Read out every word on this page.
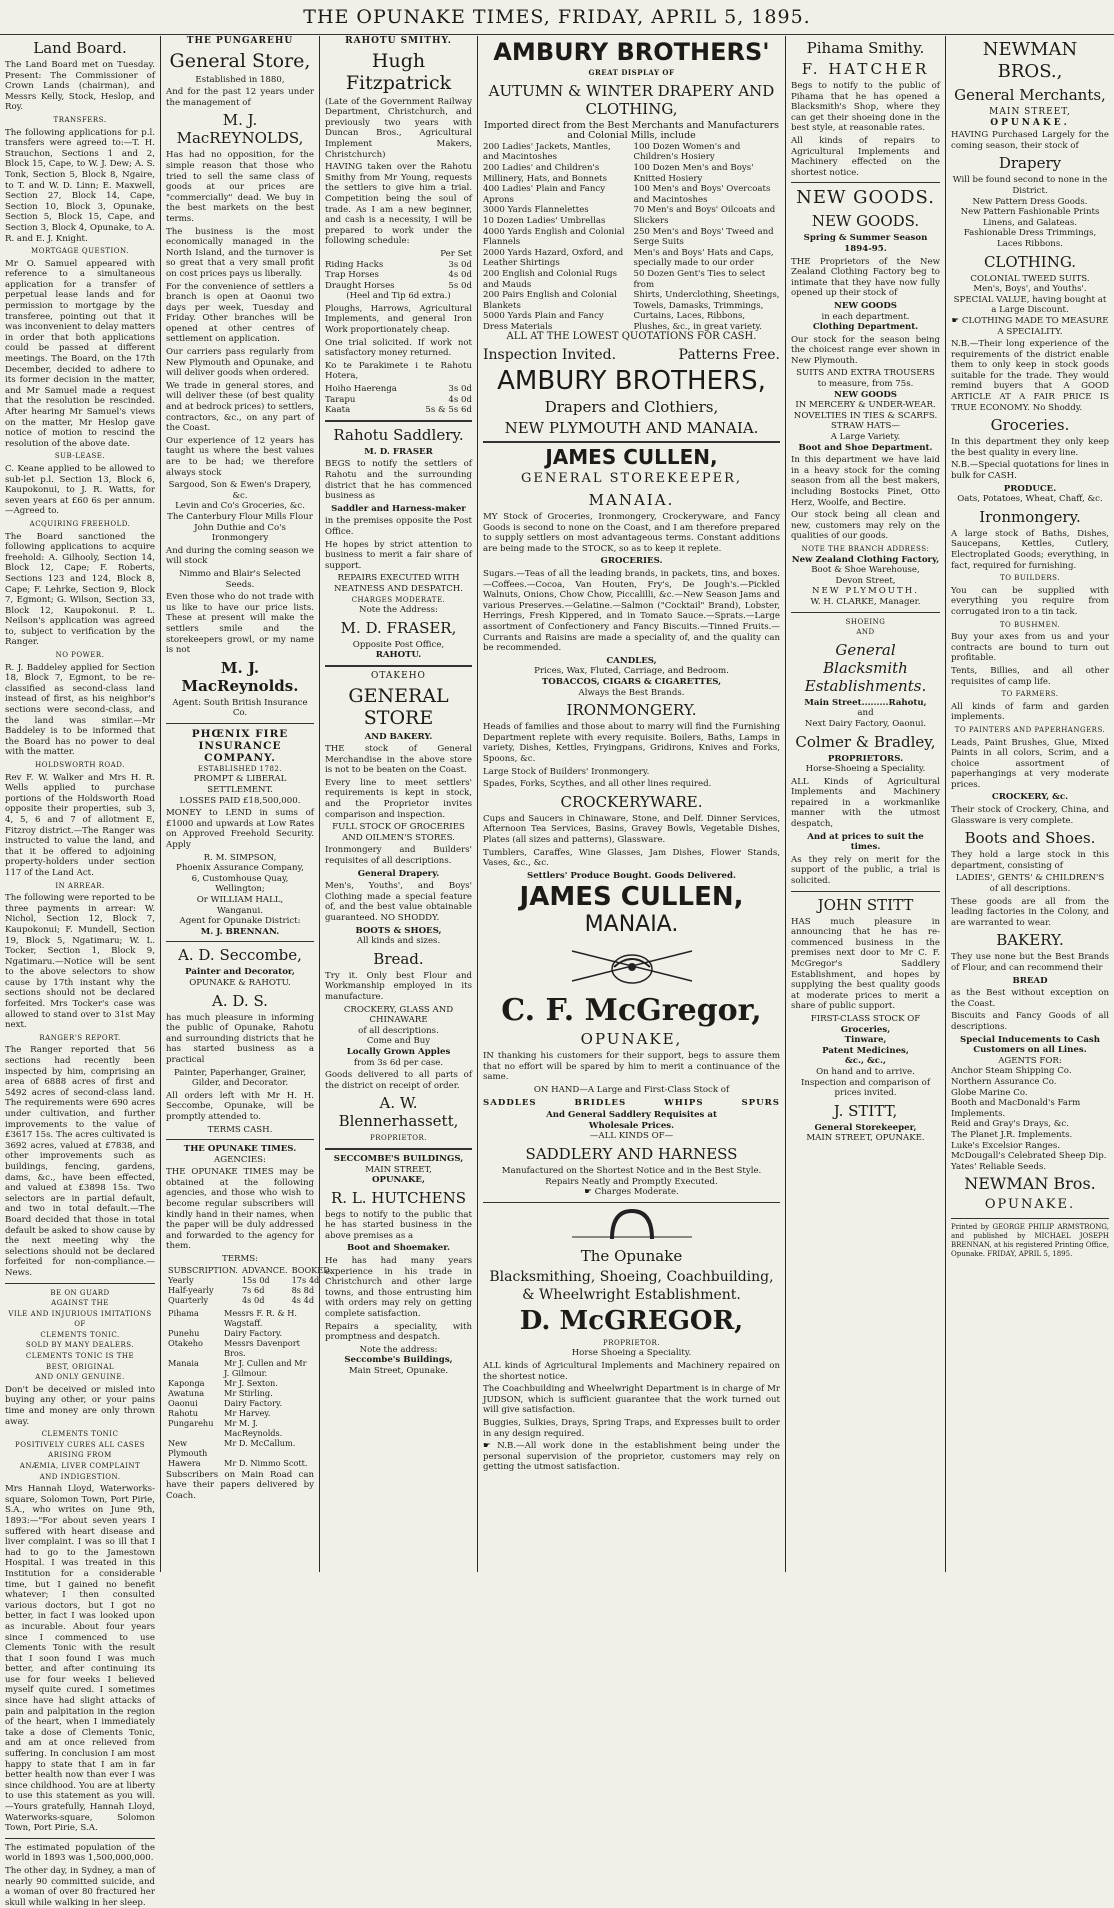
THE OPUNAKE TIMES, FRIDAY, APRIL 5, 1895.
Land Board.

The Land Board met on Tuesday. Present: The Commissioner of Crown Lands (chairman), and Messrs Kelly, Stock, Heslop, and Roy.

TRANSFERS.

The following applications for p.l. transfers were agreed to:—T. H. Strauchon, Sections 1 and 2, Block 15, Cape, to W. J. Dew; A. S. Tonk, Section 5, Block 8, Ngaire, to T. and W. D. Linn; E. Maxwell, Section 27, Block 14, Cape, Section 10, Block 3, Opunake, Section 5, Block 15, Cape, and Section 3, Block 4, Opunake, to A. R. and E. J. Knight.

MORTGAGE QUESTION.

Mr O. Samuel appeared with reference to a simultaneous application for a transfer of perpetual lease lands and for permission to mortgage by the transferee, pointing out that it was inconvenient to delay matters in order that both applications could be passed at different meetings. The Board, on the 17th December, decided to adhere to its former decision in the matter, and Mr Samuel made a request that the resolution be rescinded. After hearing Mr Samuel's views on the matter, Mr Heslop gave notice of motion to rescind the resolution of the above date.

SUB-LEASE.

C. Keane applied to be allowed to sub-let p.l. Section 13, Block 6, Kaupokonui, to J. R. Watts, for seven years at £60 6s per annum.—Agreed to.

ACQUIRING FREEHOLD.

The Board sanctioned the following applications to acquire freehold: A. Gilhooly, Section 14, Block 12, Cape; F. Roberts, Sections 123 and 124, Block 8, Cape; F. Lehrke, Section 9, Block 7, Egmont; G. Wilson, Section 33, Block 12, Kaupokonui. P. L. Neilson's application was agreed to, subject to verification by the Ranger.

NO POWER.

R. J. Baddeley applied for Section 18, Block 7, Egmont, to be re-classified as second-class land instead of first, as his neighbor's sections were second-class, and the land was similar.—Mr Baddeley is to be informed that the Board has no power to deal with the matter.

HOLDSWORTH ROAD.

Rev F. W. Walker and Mrs H. R. Wells applied to purchase portions of the Holdsworth Road opposite their properties, sub 3, 4, 5, 6 and 7 of allotment E, Fitzroy district.—The Ranger was instructed to value the land, and that it be offered to adjoining property-holders under section 117 of the Land Act.

IN ARREAR.

The following were reported to be three payments in arrear: W. Nichol, Section 12, Block 7, Kaupokonui; F. Mundell, Section 19, Block 5, Ngatimaru; W. L. Tocker, Section 1, Block 9, Ngatimaru.—Notice will be sent to the above selectors to show cause by 17th instant why the sections should not be declared forfeited. Mrs Tocker's case was allowed to stand over to 31st May next.

RANGER'S REPORT.

The Ranger reported that 56 sections had recently been inspected by him, comprising an area of 6888 acres of first and 5492 acres of second-class land. The requirements were 690 acres under cultivation, and further improvements to the value of £3617 15s. The acres cultivated is 3692 acres, valued at £7838, and other improvements such as buildings, fencing, gardens, dams, &c., have been effected, and valued at £3898 15s. Two selectors are in partial default, and two in total default.—The Board decided that those in total default be asked to show cause by the next meeting why the selections should not be declared forfeited for non-compliance.—News.

BE ON GUARD
AGAINST THE
VILE AND INJURIOUS IMITATIONS
OF
CLEMENTS TONIC.
SOLD BY MANY DEALERS.
CLEMENTS TONIC IS THE
BEST, ORIGINAL
AND ONLY GENUINE.

Don't be deceived or misled into buying any other, or your pains time and money are only thrown away.

CLEMENTS TONIC
POSITIVELY CURES ALL CASES
ARISING FROM
ANÆMIA, LIVER COMPLAINT
AND INDIGESTION.

Mrs Hannah Lloyd, Waterworks-square, Solomon Town, Port Pirie, S.A., who writes on June 9th, 1893:—"For about seven years I suffered with heart disease and liver complaint. I was so ill that I had to go to the Jamestown Hospital. I was treated in this Institution for a considerable time, but I gained no benefit whatever; I then consulted various doctors, but I got no better, in fact I was looked upon as incurable. About four years since I commenced to use Clements Tonic with the result that I soon found I was much better, and after continuing its use for four weeks I believed myself quite cured. I sometimes since have had slight attacks of pain and palpitation in the region of the heart, when I immediately take a dose of Clements Tonic, and am at once relieved from suffering. In conclusion I am most happy to state that I am in far better health now than ever I was since childhood. You are at liberty to use this statement as you will.—Yours gratefully, Hannah Lloyd, Waterworks-square, Solomon Town, Port Pirie, S.A.

The estimated population of the world in 1893 was 1,500,000,000.

The other day, in Sydney, a man of nearly 90 committed suicide, and a woman of over 80 fractured her skull while walking in her sleep.

THE PUNGAREHU
General Store,
Established in 1880,

And for the past 12 years under the management of

M. J. MacREYNOLDS,

Has had no opposition, for the simple reason that those who tried to sell the same class of goods at our prices are "commercially" dead. We buy in the best markets on the best terms.

The business is the most economically managed in the North Island, and the turnover is so great that a very small profit on cost prices pays us liberally.

For the convenience of settlers a branch is open at Oaonui two days per week, Tuesday and Friday. Other branches will be opened at other centres of settlement on application.

Our carriers pass regularly from New Plymouth and Opunake, and will deliver goods when ordered.

We trade in general stores, and will deliver these (of best quality and at bedrock prices) to settlers, contractors, &c., on any part of the Coast.

Our experience of 12 years has taught us where the best values are to be had; we therefore always stock

Sargood, Son & Ewen's Drapery, &c.
Levin and Co's Groceries, &c.
The Canterbury Flour Mills Flour
John Duthie and Co's Ironmongery

And during the coming season we will stock

Nimmo and Blair's Selected Seeds.

Even those who do not trade with us like to have our price lists. These at present will make the settlers smile and the storekeepers growl, or my name is not

M. J. MacReynolds.
Agent: South British Insurance Co.
PHŒNIX FIRE INSURANCE COMPANY.
ESTABLISHED 1782.
PROMPT & LIBERAL SETTLEMENT.
LOSSES PAID £18,500,000.

MONEY to LEND in sums of £1000 and upwards at Low Rates on Approved Freehold Security. Apply

R. M. SIMPSON,
Phoenix Assurance Company,
6, Customhouse Quay,
Wellington;
Or WILLIAM HALL,
Wanganui.
Agent for Opunake District:
M. J. BRENNAN.
A. D. Seccombe,
Painter and Decorator,
OPUNAKE & RAHOTU.
A. D. S.

has much pleasure in informing the public of Opunake, Rahotu and surrounding districts that he has started business as a practical

Painter, Paperhanger, Grainer, Gilder, and Decorator.

All orders left with Mr H. H. Seccombe, Opunake, will be promptly attended to.

TERMS CASH.
THE OPUNAKE TIMES.
AGENCIES:

THE OPUNAKE TIMES may be obtained at the following agencies, and those who wish to become regular subscribers will kindly hand in their names, when the paper will be duly addressed and forwarded to the agency for them.

TERMS:
SUBSCRIPTION.	ADVANCE.	BOOKED.
Yearly	15s 0d	17s 4d
Half-yearly	7s 6d	8s 8d
Quarterly	4s 0d	4s 4d
Pihama	Messrs F. R. & H. Wagstaff.
Punehu	Dairy Factory.
Otakeho	Messrs Davenport Bros.
Manaia	Mr J. Cullen and Mr J. Gilmour.
Kaponga	Mr J. Sexton.
Awatuna	Mr Stirling.
Oaonui	Dairy Factory.
Rahotu	Mr Harvey.
Pungarehu	Mr M. J. MacReynolds.
New Plymouth	Mr D. McCallum.
Hawera	Mr D. Nimmo Scott.

Subscribers on Main Road can have their papers delivered by Coach.

RAHOTU SMITHY.
Hugh Fitzpatrick

(Late of the Government Railway Department, Christchurch, and previously two years with Duncan Bros., Agricultural Implement Makers, Christchurch)

HAVING taken over the Rahotu Smithy from Mr Young, requests the settlers to give him a trial. Competition being the soul of trade. As I am a new beginner, and cash is a necessity, I will be prepared to work under the following schedule:

Per Set
Riding Hacks	3s 0d
Trap Horses	4s 0d
Draught Horses	5s 0d
(Heel and Tip 6d extra.)

Ploughs, Harrows, Agricultural Implements, and general Iron Work proportionately cheap.

One trial solicited. If work not satisfactory money returned.

Ko te Parakimete i te Rahotu Hotera,

Hoiho Haerenga	3s 0d
Tarapu	4s 0d
Kaata	5s & 5s 6d
Rahotu Saddlery.
M. D. FRASER

BEGS to notify the settlers of Rahotu and the surrounding district that he has commenced business as

Saddler and Harness-maker

in the premises opposite the Post Office.

He hopes by strict attention to business to merit a fair share of support.

REPAIRS EXECUTED WITH NEATNESS AND DESPATCH.
CHARGES MODERATE.
Note the Address:
M. D. FRASER,
Opposite Post Office,
RAHOTU.
OTAKEHO
GENERAL STORE
AND BAKERY.

THE stock of General Merchandise in the above store is not to be beaten on the Coast.

Every line to meet settlers' requirements is kept in stock, and the Proprietor invites comparison and inspection.

FULL STOCK OF GROCERIES AND OILMEN'S STORES.

Ironmongery and Builders' requisites of all descriptions.

General Drapery.

Men's, Youths', and Boys' Clothing made a special feature of, and the best value obtainable guaranteed. NO SHODDY.

BOOTS & SHOES,
All kinds and sizes.
Bread.

Try it. Only best Flour and Workmanship employed in its manufacture.

CROCKERY, GLASS AND CHINAWARE
of all descriptions.
Come and Buy
Locally Grown Apples
from 3s 6d per case.

Goods delivered to all parts of the district on receipt of order.

A. W. Blennerhassett,
PROPRIETOR.
SECCOMBE'S BUILDINGS,
MAIN STREET,
OPUNAKE,
R. L. HUTCHENS

begs to notify to the public that he has started business in the above premises as a

Boot and Shoemaker.

He has had many years experience in his trade in Christchurch and other large towns, and those entrusting him with orders may rely on getting complete satisfaction.

Repairs a speciality, with promptness and despatch.

Note the address:
Seccombe's Buildings,
Main Street, Opunake.
AMBURY BROTHERS'
GREAT DISPLAY OF
AUTUMN & WINTER DRAPERY AND CLOTHING,
Imported direct from the Best Merchants and Manufacturers and Colonial Mills, include
200 Ladies' Jackets, Mantles, and Macintoshes
200 Ladies' and Children's Millinery, Hats, and Bonnets
400 Ladies' Plain and Fancy Aprons
3000 Yards Flannelettes
10 Dozen Ladies' Umbrellas
4000 Yards English and Colonial Flannels
2000 Yards Hazard, Oxford, and Leather Shirtings
200 English and Colonial Rugs and Mauds
200 Pairs English and Colonial Blankets
5000 Yards Plain and Fancy Dress Materials
100 Dozen Women's and Children's Hosiery
100 Dozen Men's and Boys' Knitted Hosiery
100 Men's and Boys' Overcoats and Macintoshes
70 Men's and Boys' Oilcoats and Slickers
250 Men's and Boys' Tweed and Serge Suits
Men's and Boys' Hats and Caps, specially made to our order
50 Dozen Gent's Ties to select from
Shirts, Underclothing, Sheetings, Towels, Damasks, Trimmings, Curtains, Laces, Ribbons, Plushes, &c., in great variety.
ALL AT THE LOWEST QUOTATIONS FOR CASH.
Inspection Invited.	Patterns Free.
AMBURY BROTHERS,
Drapers and Clothiers,
NEW PLYMOUTH AND MANAIA.
JAMES CULLEN,
GENERAL STOREKEEPER,
MANAIA.

MY Stock of Groceries, Ironmongery, Crockeryware, and Fancy Goods is second to none on the Coast, and I am therefore prepared to supply settlers on most advantageous terms. Constant additions are being made to the STOCK, so as to keep it replete.

GROCERIES.

Sugars.—Teas of all the leading brands, in packets, tins, and boxes.—Coffees.—Cocoa, Van Houten, Fry's, De Jough's.—Pickled Walnuts, Onions, Chow Chow, Piccalilli, &c.—New Season Jams and various Preserves.—Gelatine.—Salmon ("Cocktail" Brand), Lobster, Herrings, Fresh Kippered, and in Tomato Sauce.—Sprats.—Large assortment of Confectionery and Fancy Biscuits.—Tinned Fruits.—Currants and Raisins are made a speciality of, and the quality can be recommended.

CANDLES,
Prices, Wax, Fluted, Carriage, and Bedroom.
TOBACCOS, CIGARS & CIGARETTES,
Always the Best Brands.
IRONMONGERY.

Heads of families and those about to marry will find the Furnishing Department replete with every requisite. Boilers, Baths, Lamps in variety, Dishes, Kettles, Fryingpans, Gridirons, Knives and Forks, Spoons, &c.

Large Stock of Builders' Ironmongery.

Spades, Forks, Scythes, and all other lines required.

CROCKERYWARE.

Cups and Saucers in Chinaware, Stone, and Delf. Dinner Services, Afternoon Tea Services, Basins, Gravey Bowls, Vegetable Dishes, Plates (all sizes and patterns), Glassware.

Tumblers, Caraffes, Wine Glasses, Jam Dishes, Flower Stands, Vases, &c., &c.

Settlers' Produce Bought. Goods Delivered.
JAMES CULLEN,
MANAIA.
C. F. McGregor,
OPUNAKE,

IN thanking his customers for their support, begs to assure them that no effort will be spared by him to merit a continuance of the same.

ON HAND—A Large and First-Class Stock of
SADDLES	BRIDLES	WHIPS	SPURS
And General Saddlery Requisites at
Wholesale Prices.
—ALL KINDS OF—
SADDLERY AND HARNESS
Manufactured on the Shortest Notice and in the Best Style.
Repairs Neatly and Promptly Executed.
☛ Charges Moderate.
The Opunake
Blacksmithing, Shoeing, Coachbuilding, & Wheelwright Establishment.
D. McGREGOR,
PROPRIETOR.
Horse Shoeing a Speciality.

ALL kinds of Agricultural Implements and Machinery repaired on the shortest notice.

The Coachbuilding and Wheelwright Department is in charge of Mr JUDSON, which is sufficient guarantee that the work turned out will give satisfaction.

Buggies, Sulkies, Drays, Spring Traps, and Expresses built to order in any design required.

☛ N.B.—All work done in the establishment being under the personal supervision of the proprietor, customers may rely on getting the utmost satisfaction.

Pihama Smithy.
F. HATCHER

Begs to notify to the public of Pihama that he has opened a Blacksmith's Shop, where they can get their shoeing done in the best style, at reasonable rates.

All kinds of repairs to Agricultural Implements and Machinery effected on the shortest notice.

NEW GOODS.
NEW GOODS.
Spring & Summer Season 1894-95.

THE Proprietors of the New Zealand Clothing Factory beg to intimate that they have now fully opened up their stock of

NEW GOODS
in each department.
Clothing Department.

Our stock for the season being the choicest range ever shown in New Plymouth.

SUITS AND EXTRA TROUSERS
to measure, from 75s.
NEW GOODS
IN MERCERY & UNDER-WEAR.
NOVELTIES IN TIES & SCARFS.
STRAW HATS—
A Large Variety.
Boot and Shoe Department.

In this department we have laid in a heavy stock for the coming season from all the best makers, including Bostocks Pinet, Otto Herz, Woolfe, and Bectire.

Our stock being all clean and new, customers may rely on the qualities of our goods.

NOTE THE BRANCH ADDRESS:
New Zealand Clothing Factory,
Boot & Shoe Warehouse,
Devon Street,
NEW PLYMOUTH.
W. H. CLARKE, Manager.
SHOEING
AND
General Blacksmith Establishments.
Main Street.........Rahotu,
and
Next Dairy Factory, Oaonui.
Colmer & Bradley,
PROPRIETORS.
Horse-Shoeing a Speciality.

ALL Kinds of Agricultural Implements and Machinery repaired in a workmanlike manner with the utmost despatch,

And at prices to suit the times.

As they rely on merit for the support of the public, a trial is solicited.

JOHN STITT

HAS much pleasure in announcing that he has re-commenced business in the premises next door to Mr C. F. McGregor's Saddlery Establishment, and hopes by supplying the best quality goods at moderate prices to merit a share of public support.

FIRST-CLASS STOCK OF
Groceries,
Tinware,
Patent Medicines,
&c., &c.,
On hand and to arrive.
Inspection and comparison of prices invited.
J. STITT,
General Storekeeper,
MAIN STREET, OPUNAKE.
NEWMAN BROS.,
General Merchants,
MAIN STREET,
OPUNAKE.

HAVING Purchased Largely for the coming season, their stock of

Drapery
Will be found second to none in the District.
New Pattern Dress Goods.
New Pattern Fashionable Prints Linens, and Galateas.
Fashionable Dress Trimmings, Laces Ribbons.
CLOTHING.
COLONIAL TWEED SUITS.
Men's, Boys', and Youths'.
SPECIAL VALUE, having bought at a Large Discount.
☛ CLOTHING MADE TO MEASURE A SPECIALITY.

N.B.—Their long experience of the requirements of the district enable them to only keep in stock goods suitable for the trade. They would remind buyers that A GOOD ARTICLE AT A FAIR PRICE IS TRUE ECONOMY. No Shoddy.

Groceries.

In this department they only keep the best quality in every line.

N.B.—Special quotations for lines in bulk for CASH.

PRODUCE.
Oats, Potatoes, Wheat, Chaff, &c.
Ironmongery.

A large stock of Baths, Dishes, Saucepans, Kettles, Cutlery, Electroplated Goods; everything, in fact, required for furnishing.

TO BUILDERS.

You can be supplied with everything you require from corrugated iron to a tin tack.

TO BUSHMEN.

Buy your axes from us and your contracts are bound to turn out profitable.

Tents, Billies, and all other requisites of camp life.

TO FARMERS.

All kinds of farm and garden implements.

TO PAINTERS AND PAPERHANGERS.

Leads, Paint Brushes, Glue, Mixed Paints in all colors, Scrim, and a choice assortment of paperhangings at very moderate prices.

CROCKERY, &c.

Their stock of Crockery, China, and Glassware is very complete.

Boots and Shoes.

They hold a large stock in this department, consisting of

LADIES', GENTS' & CHILDREN'S
of all descriptions.

These goods are all from the leading factories in the Colony, and are warranted to wear.

BAKERY.

They use none but the Best Brands of Flour, and can recommend their

BREAD

as the Best without exception on the Coast.

Biscuits and Fancy Goods of all descriptions.

Special Inducements to Cash Customers on all Lines.
AGENTS FOR:
Anchor Steam Shipping Co.
Northern Assurance Co.
Globe Marine Co.
Booth and MacDonald's Farm Implements.
Reid and Gray's Drays, &c.
The Planet J.R. Implements.
Luke's Excelsior Ranges.
McDougall's Celebrated Sheep Dip.
Yates' Reliable Seeds.
NEWMAN Bros.
OPUNAKE.

Printed by GEORGE PHILIP ARMSTRONG, and published by MICHAEL JOSEPH BRENNAN, at his registered Printing Office, Opunake. FRIDAY, APRIL 5, 1895.
